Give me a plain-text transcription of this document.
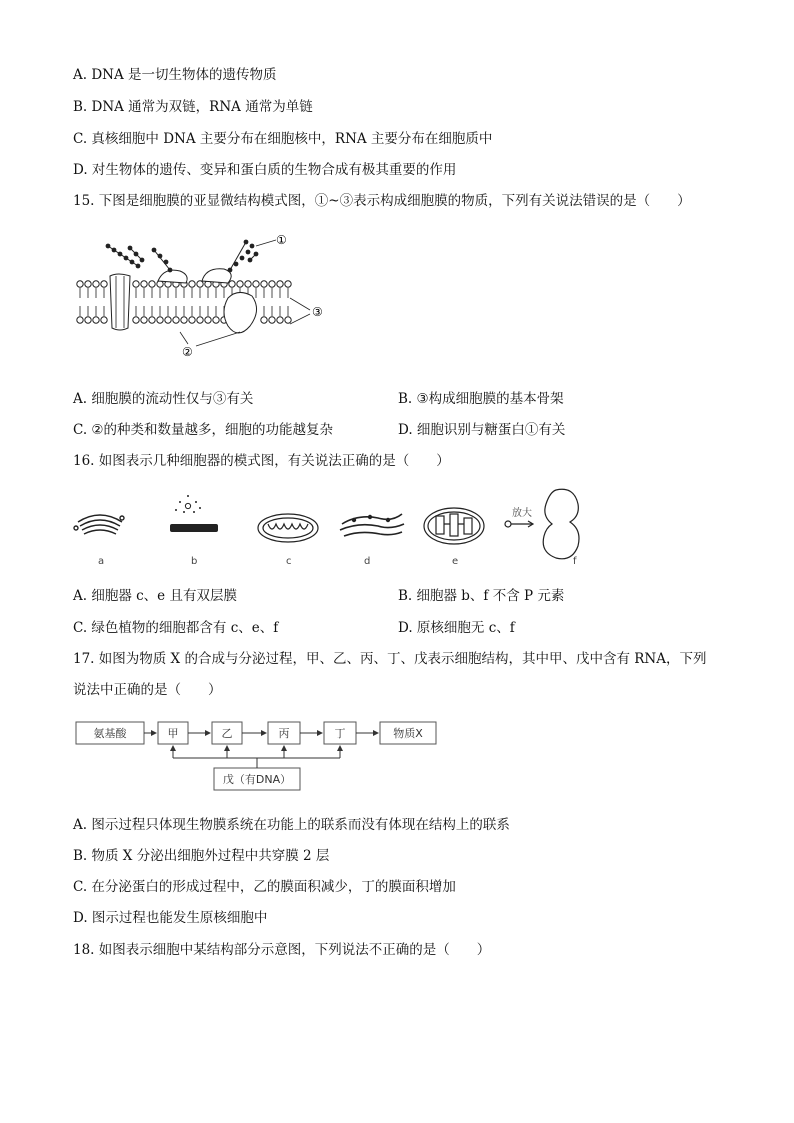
A. DNA 是一切生物体的遗传物质
B. DNA 通常为双链，RNA 通常为单链
C. 真核细胞中 DNA 主要分布在细胞核中，RNA 主要分布在细胞质中
D. 对生物体的遗传、变异和蛋白质的生物合成有极其重要的作用
15. 下图是细胞膜的亚显微结构模式图，①~③表示构成细胞膜的物质，下列有关说法错误的是（　　）
①
③
②
A. 细胞膜的流动性仅与③有关	B. ③构成细胞膜的基本骨架
C. ②的种类和数量越多，细胞的功能越复杂	D. 细胞识别与糖蛋白①有关
16. 如图表示几种细胞器的模式图，有关说法正确的是（　　）
放大
a	b	c	d	e	f
A. 细胞器 c、e 且有双层膜	B. 细胞器 b、f 不含 P 元素
C. 绿色植物的细胞都含有 c、e、f	D. 原核细胞无 c、f
17. 如图为物质 X 的合成与分泌过程，甲、乙、丙、丁、戊表示细胞结构，其中甲、戊中含有 RNA，下列
说法中正确的是（　　）
氨基酸	甲	乙	丙	丁	物质X
戊（有DNA）
A. 图示过程只体现生物膜系统在功能上的联系而没有体现在结构上的联系
B. 物质 X 分泌出细胞外过程中共穿膜 2 层
C. 在分泌蛋白的形成过程中，乙的膜面积减少，丁的膜面积增加
D. 图示过程也能发生原核细胞中
18. 如图表示细胞中某结构部分示意图，下列说法不正确的是（　　）
